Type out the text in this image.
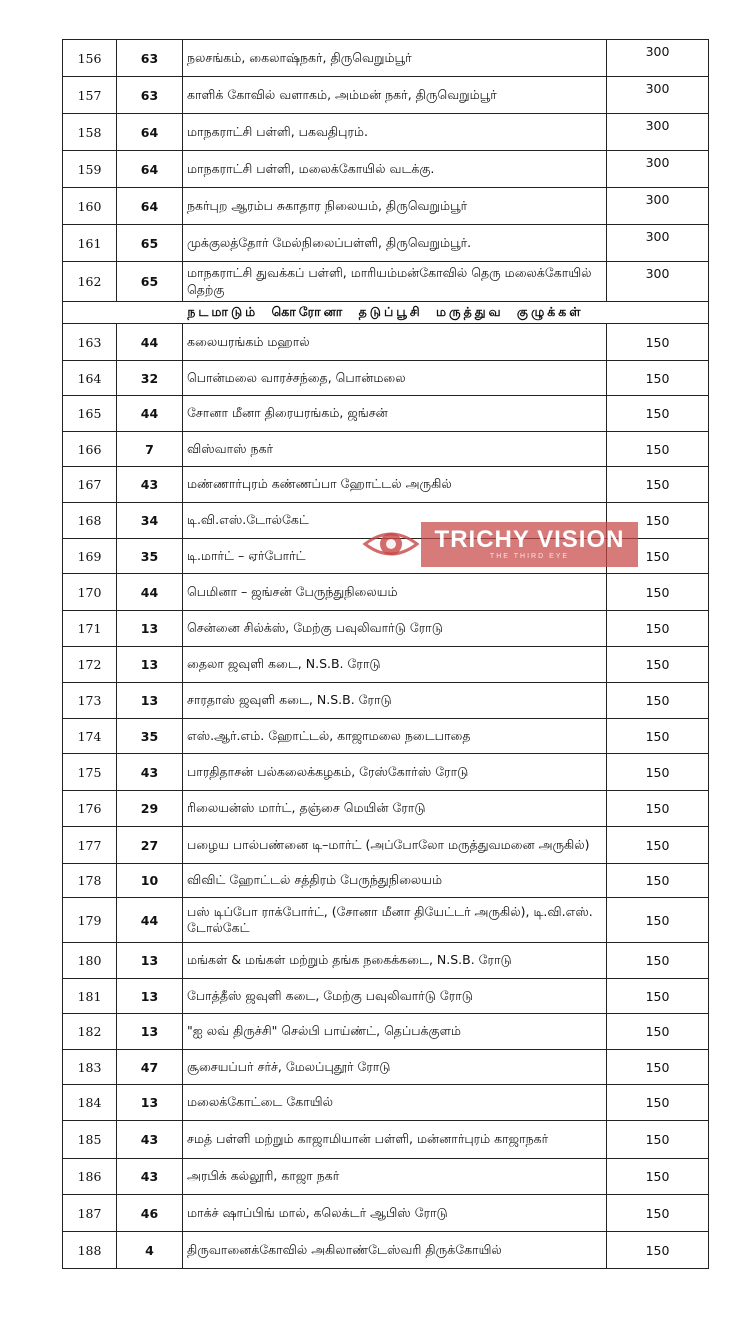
156	63	நலசங்கம், கைலாஷ்நகர், திருவெறும்பூர்	300
157	63	காளிக் கோவில் வளாகம், அம்மன் நகர், திருவெறும்பூர்	300
158	64	மாநகராட்சி பள்ளி, பகவதிபுரம்.	300
159	64	மாநகராட்சி பள்ளி, மலைக்கோயில் வடக்கு.	300
160	64	நகர்புற ஆரம்ப சுகாதார நிலையம், திருவெறும்பூர்	300
161	65	முக்குலத்தோர் மேல்நிலைப்பள்ளி, திருவெறும்பூர்.	300
162	65	மாநகராட்சி துவக்கப் பள்ளி, மாரியம்மன்கோவில் தெரு மலைக்கோயில் தெற்கு	300
நடமாடும் கொரோனா தடுப்பூசி மருத்துவ குழுக்கள்			
163	44	கலையரங்கம் மஹால்	150
164	32	பொன்மலை வாரச்சந்தை, பொன்மலை	150
165	44	சோனா மீனா திரையரங்கம், ஜங்சன்	150
166	7	விஸ்வாஸ் நகர்	150
167	43	மண்ணார்புரம் கண்ணப்பா ஹோட்டல் அருகில்	150
168	34	டி.வி.எஸ்.டோல்கேட்	150
169	35	டி.மார்ட் – ஏர்போர்ட்	150
170	44	பெமினா – ஜங்சன் பேருந்துநிலையம்	150
171	13	சென்னை சில்க்ஸ், மேற்கு பவுலிவார்டு ரோடு	150
172	13	தைலா ஜவுளி கடை, N.S.B. ரோடு	150
173	13	சாரதாஸ் ஜவுளி கடை, N.S.B. ரோடு	150
174	35	எஸ்.ஆர்.எம். ஹோட்டல், காஜாமலை நடைபாதை	150
175	43	பாரதிதாசன் பல்கலைக்கழகம், ரேஸ்கோர்ஸ் ரோடு	150
176	29	ரிலையன்ஸ் மார்ட், தஞ்சை மெயின் ரோடு	150
177	27	பழைய பால்பண்னை டி–மார்ட் (அப்போலோ மருத்துவமனை அருகில்)	150
178	10	விவிட் ஹோட்டல் சத்திரம் பேருந்துநிலையம்	150
179	44	பஸ் டிப்போ ராக்போர்ட், (சோனா மீனா தியேட்டர் அருகில்), டி.வி.எஸ். டோல்கேட்	150
180	13	மங்கள் & மங்கள் மற்றும் தங்க நகைக்கடை, N.S.B. ரோடு	150
181	13	போத்தீஸ் ஜவுளி கடை, மேற்கு பவுலிவார்டு ரோடு	150
182	13	"ஐ லவ் திருச்சி" செல்பி பாய்ண்ட், தெப்பக்குளம்	150
183	47	சூசையப்பர் சர்ச், மேலப்புதூர் ரோடு	150
184	13	மலைக்கோட்டை கோயில்	150
185	43	சமத் பள்ளி மற்றும் காஜாமியான் பள்ளி, மன்னார்புரம் காஜாநகர்	150
186	43	அரபிக் கல்லூரி, காஜா நகர்	150
187	46	மாக்ச் ஷாப்பிங் மால், கலெக்டர் ஆபிஸ் ரோடு	150
188	4	திருவானைக்கோவில் அகிலாண்டேஸ்வரி திருக்கோயில்	150
TRICHY VISION
THE THIRD EYE
